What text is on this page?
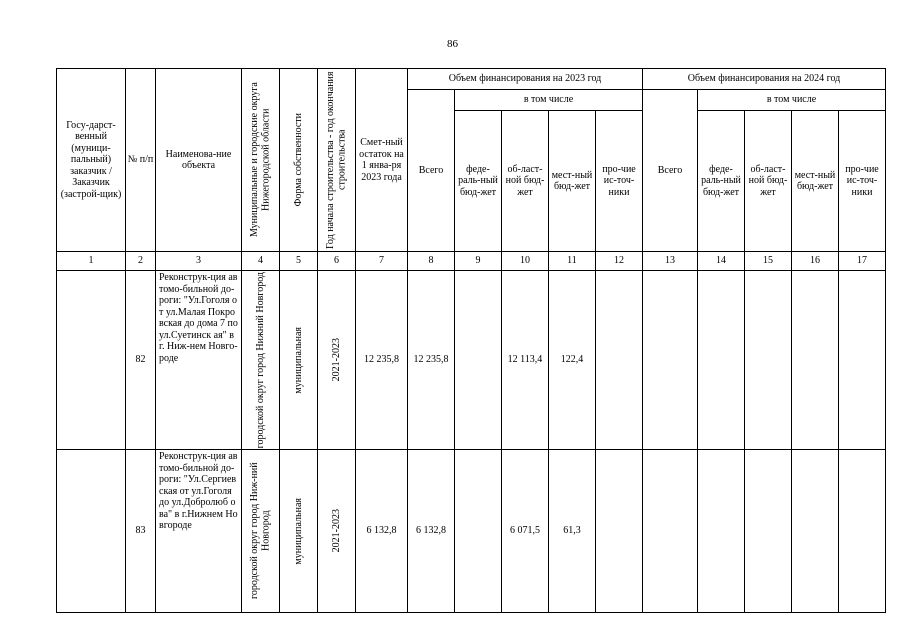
86
Госу-дарст-венный (муници-пальный) заказчик / Заказчик (застрой-щик)	№ п/п	Наименова-ние объекта	Муниципальные и городские округа Нижегородской области	Форма собственности	Год начала строительства - год окончания строительства	Смет-ный остаток на 1 янва-ря 2023 года	Объем финансирования на 2023 год					Объем финансирования на 2024 год				
							Всего	в том числе				Всего	в том числе			
								феде-раль-ный бюд-жет	об-ласт-ной бюд-жет	мест-ный бюд-жет	про-чие ис-точ-ники		феде-раль-ный бюд-жет	об-ласт-ной бюд-жет	мест-ный бюд-жет	про-чие ис-точ-ники
1	2	3	4	5	6	7	8	9	10	11	12	13	14	15	16	17
	82	Реконструк-ция автомо-бильной до-роги: "Ул.Гоголя от ул.Малая Покровская до дома 7 по ул.Суетинск ая" в г. Ниж-нем Новго-роде	городской округ город Нижний Новгород	муниципальная	2021-2023	12 235,8	12 235,8		12 113,4	122,4						
	83	Реконструк-ция автомо-бильной до-роги: "Ул.Сергиев ская от ул.Гоголя до ул.Добролюб ова" в г.Нижнем Новгороде	городской округ город Ниж-ний Новгород	муниципальная	2021-2023	6 132,8	6 132,8		6 071,5	61,3						
